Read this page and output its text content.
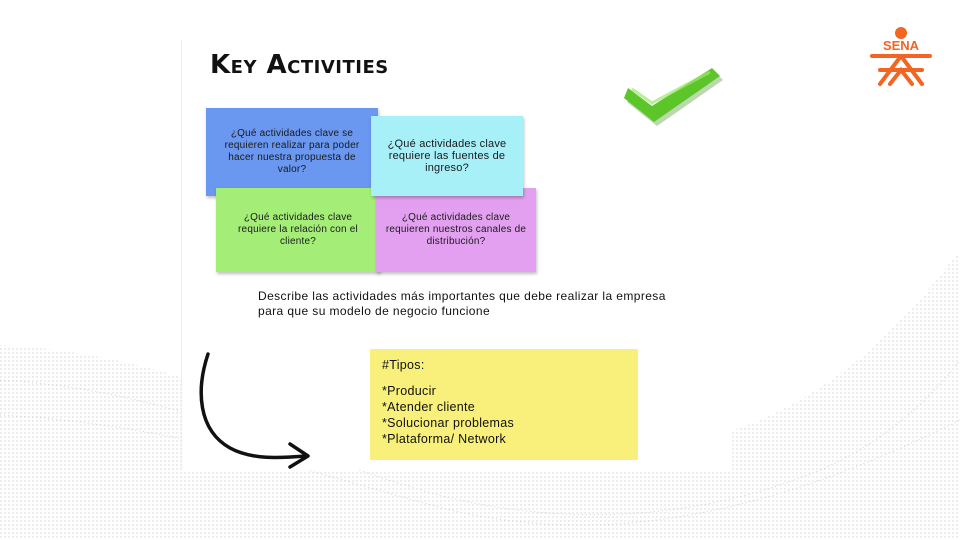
Key Activities
¿Qué actividades clave se requieren realizar para poder hacer nuestra propuesta de valor?
¿Qué actividades clave requiere la relación con el cliente?
¿Qué actividades clave requieren nuestros canales de distribución?
¿Qué actividades clave requiere las fuentes de ingreso?

Describe las actividades más importantes que debe realizar la empresa para que su modelo de negocio funcione

#Tipos:
*Producir
*Atender cliente
*Solucionar problemas
*Plataforma/ Network
SENA
